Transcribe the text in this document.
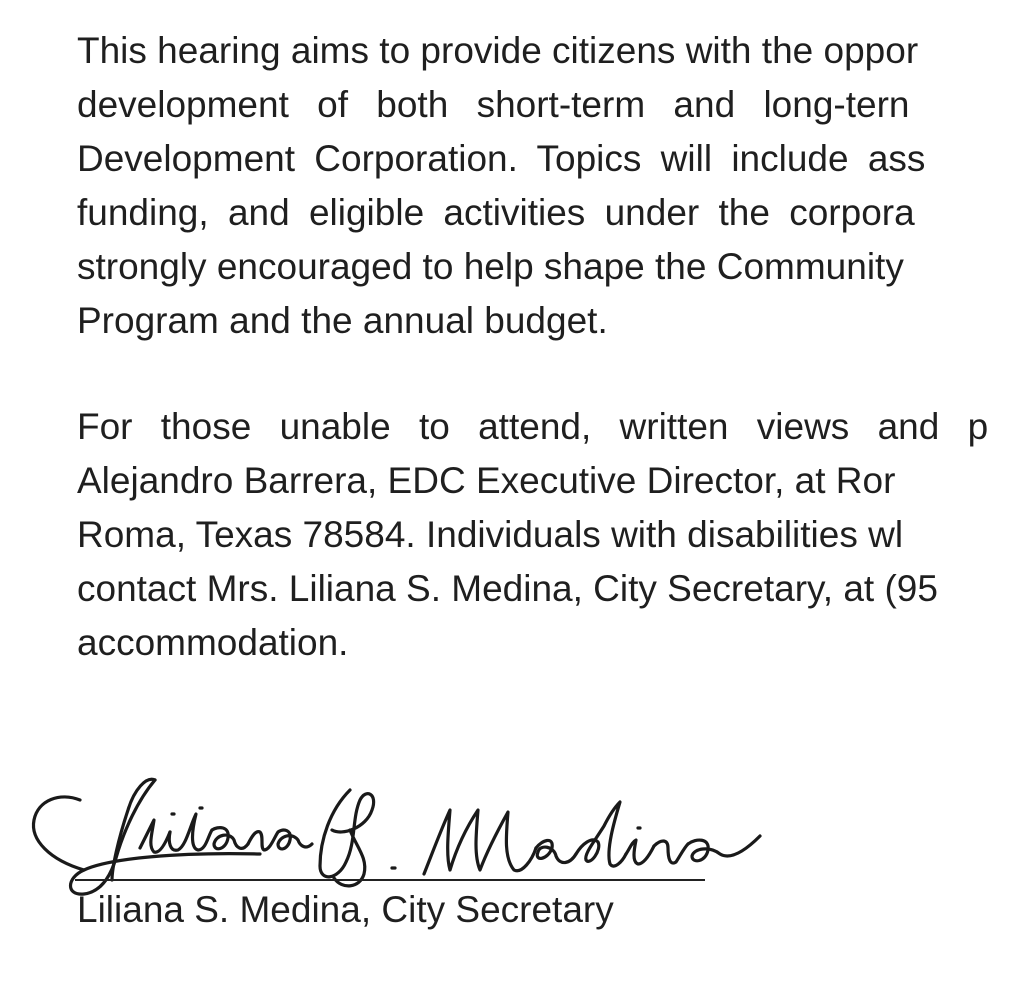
This hearing aims to provide citizens with the oppor

development of both short-term and long-tern

Development Corporation. Topics will include ass

funding, and eligible activities under the corpora

strongly encouraged to help shape the Community

Program and the annual budget.

For those unable to attend, written views and p

Alejandro Barrera, EDC Executive Director, at Ror

Roma, Texas 78584. Individuals with disabilities wl

contact Mrs. Liliana S. Medina, City Secretary, at (95

accommodation.

Liliana S. Medina, City Secretary
